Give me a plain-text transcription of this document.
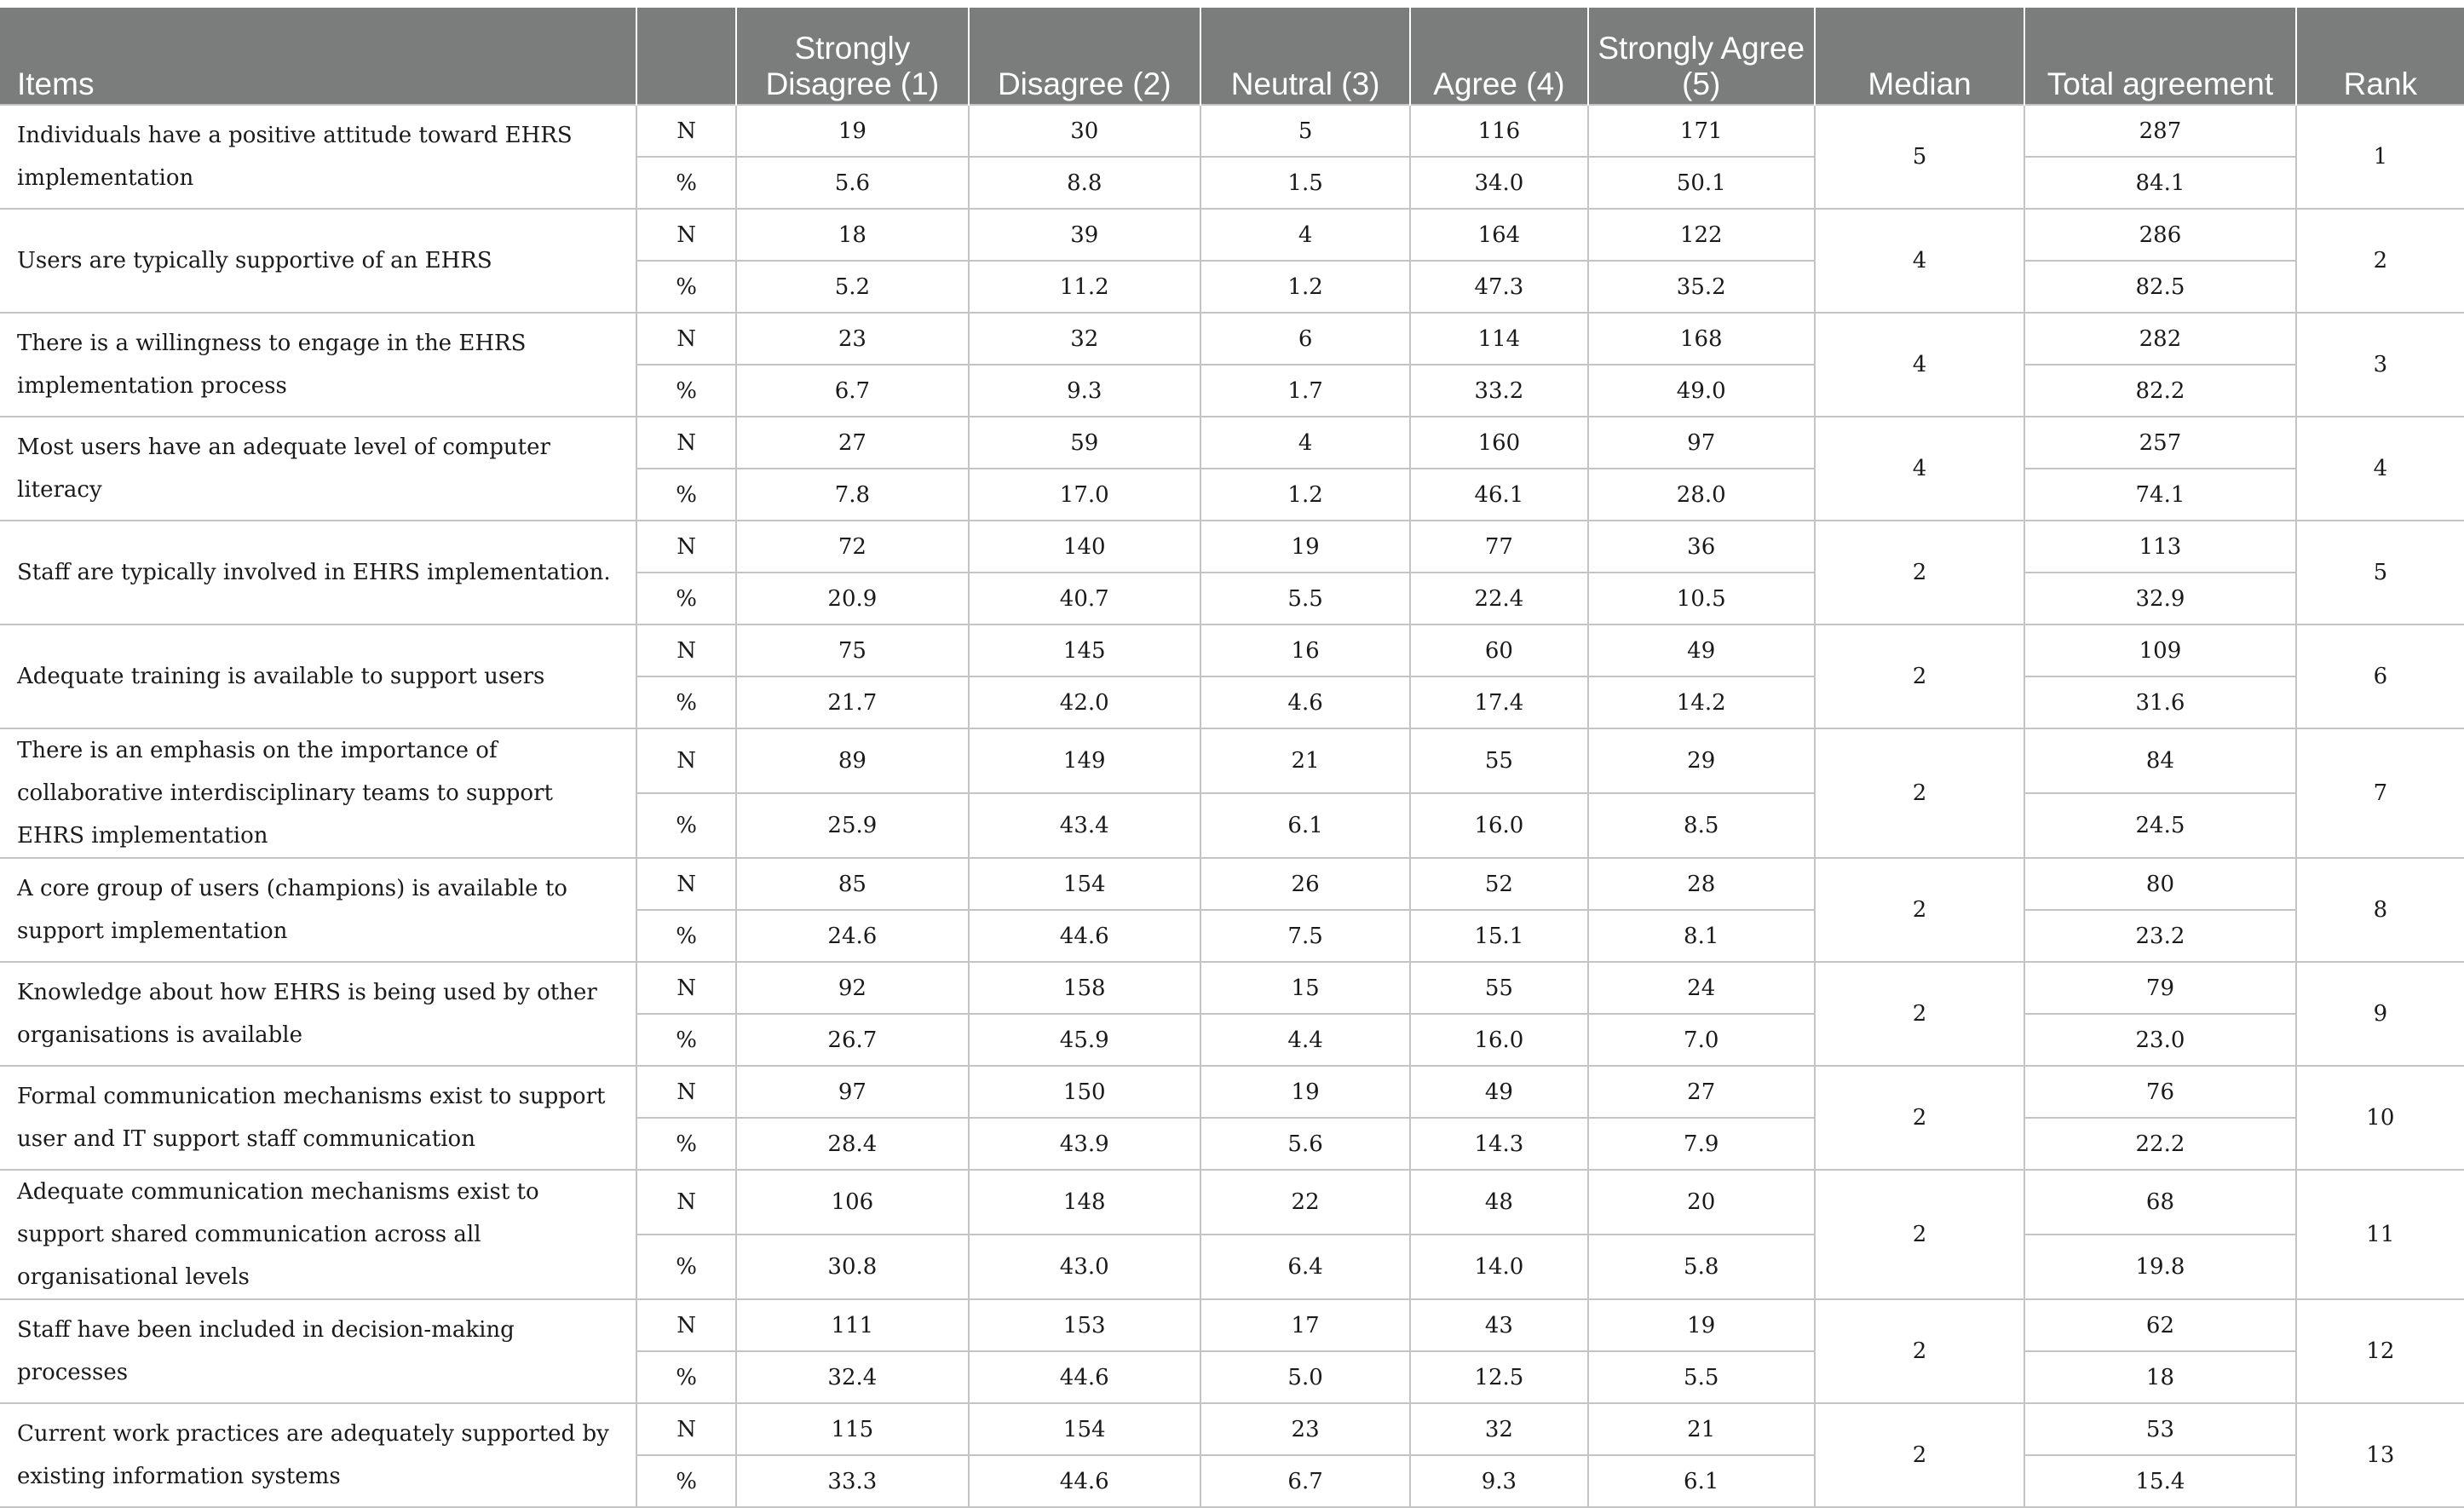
Items		Strongly Disagree (1)	Disagree (2)	Neutral (3)	Agree (4)	Strongly Agree (5)	Median	Total agreement	Rank
Individuals have a positive attitude toward EHRS implementation	N	19	30	5	116	171	5	287	1
	%	5.6	8.8	1.5	34.0	50.1		84.1	
Users are typically supportive of an EHRS	N	18	39	4	164	122	4	286	2
	%	5.2	11.2	1.2	47.3	35.2		82.5	
There is a willingness to engage in the EHRS implementation process	N	23	32	6	114	168	4	282	3
	%	6.7	9.3	1.7	33.2	49.0		82.2	
Most users have an adequate level of computer literacy	N	27	59	4	160	97	4	257	4
	%	7.8	17.0	1.2	46.1	28.0		74.1	
Staff are typically involved in EHRS implementation.	N	72	140	19	77	36	2	113	5
	%	20.9	40.7	5.5	22.4	10.5		32.9	
Adequate training is available to support users	N	75	145	16	60	49	2	109	6
	%	21.7	42.0	4.6	17.4	14.2		31.6	
There is an emphasis on the importance of collaborative interdisciplinary teams to support EHRS implementation	N	89	149	21	55	29	2	84	7
	%	25.9	43.4	6.1	16.0	8.5		24.5	
A core group of users (champions) is available to support implementation	N	85	154	26	52	28	2	80	8
	%	24.6	44.6	7.5	15.1	8.1		23.2	
Knowledge about how EHRS is being used by other organisations is available	N	92	158	15	55	24	2	79	9
	%	26.7	45.9	4.4	16.0	7.0		23.0	
Formal communication mechanisms exist to support user and IT support staff communication	N	97	150	19	49	27	2	76	10
	%	28.4	43.9	5.6	14.3	7.9		22.2	
Adequate communication mechanisms exist to support shared communication across all organisational levels	N	106	148	22	48	20	2	68	11
	%	30.8	43.0	6.4	14.0	5.8		19.8	
Staff have been included in decision-making processes	N	111	153	17	43	19	2	62	12
	%	32.4	44.6	5.0	12.5	5.5		18	
Current work practices are adequately supported by existing information systems	N	115	154	23	32	21	2	53	13
	%	33.3	44.6	6.7	9.3	6.1		15.4	
